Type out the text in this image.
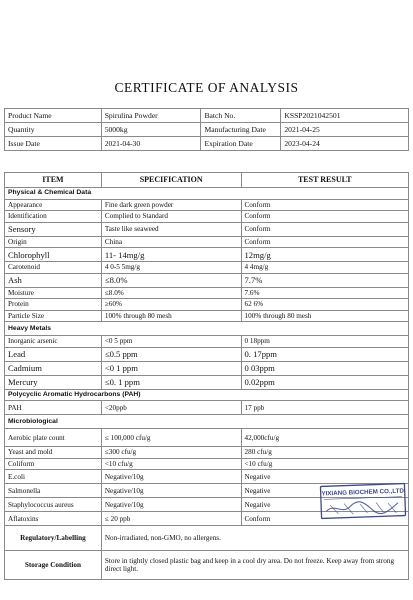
CERTIFICATE OF ANALYSIS
Product Name	Spirulina Powder	Batch No.	KSSP2021042501
Quantity	5000kg	Manufacturing Date	2021-04-25
Issue Date	2021-04-30	Expiration Date	2023-04-24
ITEM	SPECIFICATION	TEST RESULT
Physical & Chemical Data		
Appearance	Fine dark green powder	Conform
Identification	Complied to Standard	Conform
Sensory	Taste like seaweed	Conform
Origin	China	Conform
Chlorophyll	11- 14mg/g	12mg/g
Carotenoid	4 0-5 5mg/g	4 4mg/g
Ash	≤8.0%	7.7%
Moisture	≤8.0%	7.6%
Protein	≥60%	62 6%
Particle Size	100% through 80 mesh	100% through 80 mesh
Heavy Metals		
Inorganic arsenic	<0 5 ppm	0 18ppm
Lead	≤0.5 ppm	0. 17ppm
Cadmium	<0 1 ppm	0 03ppm
Mercury	≤0. 1 ppm	0.02ppm
Polycyclic Aromatic Hydrocarbons (PAH)		
PAH	<20ppb	17 ppb
Microbiological		
Aerobic plate count	≤ 100,000 cfu/g	42,000cfu/g
Yeast and mold	≤300 cfu/g	280 cfu/g
Coliform	<10 cfu/g	<10 cfu/g
E.coli	Negative/10g	Negative
Salmonella	Negative/10g	Negative
Staphylococcus aureus	Negative/10g	Negative
Aflatoxins	≤ 20 ppb	Conform
Regulatory/Labelling	Non-irradiated, non-GMO, no allergens.	
Storage Condition	Store in tightly closed plastic bag and keep in a cool dry area. Do not freeze. Keep away from strong direct light.	
YIXIANG BIOCHEM CO.,LTD
